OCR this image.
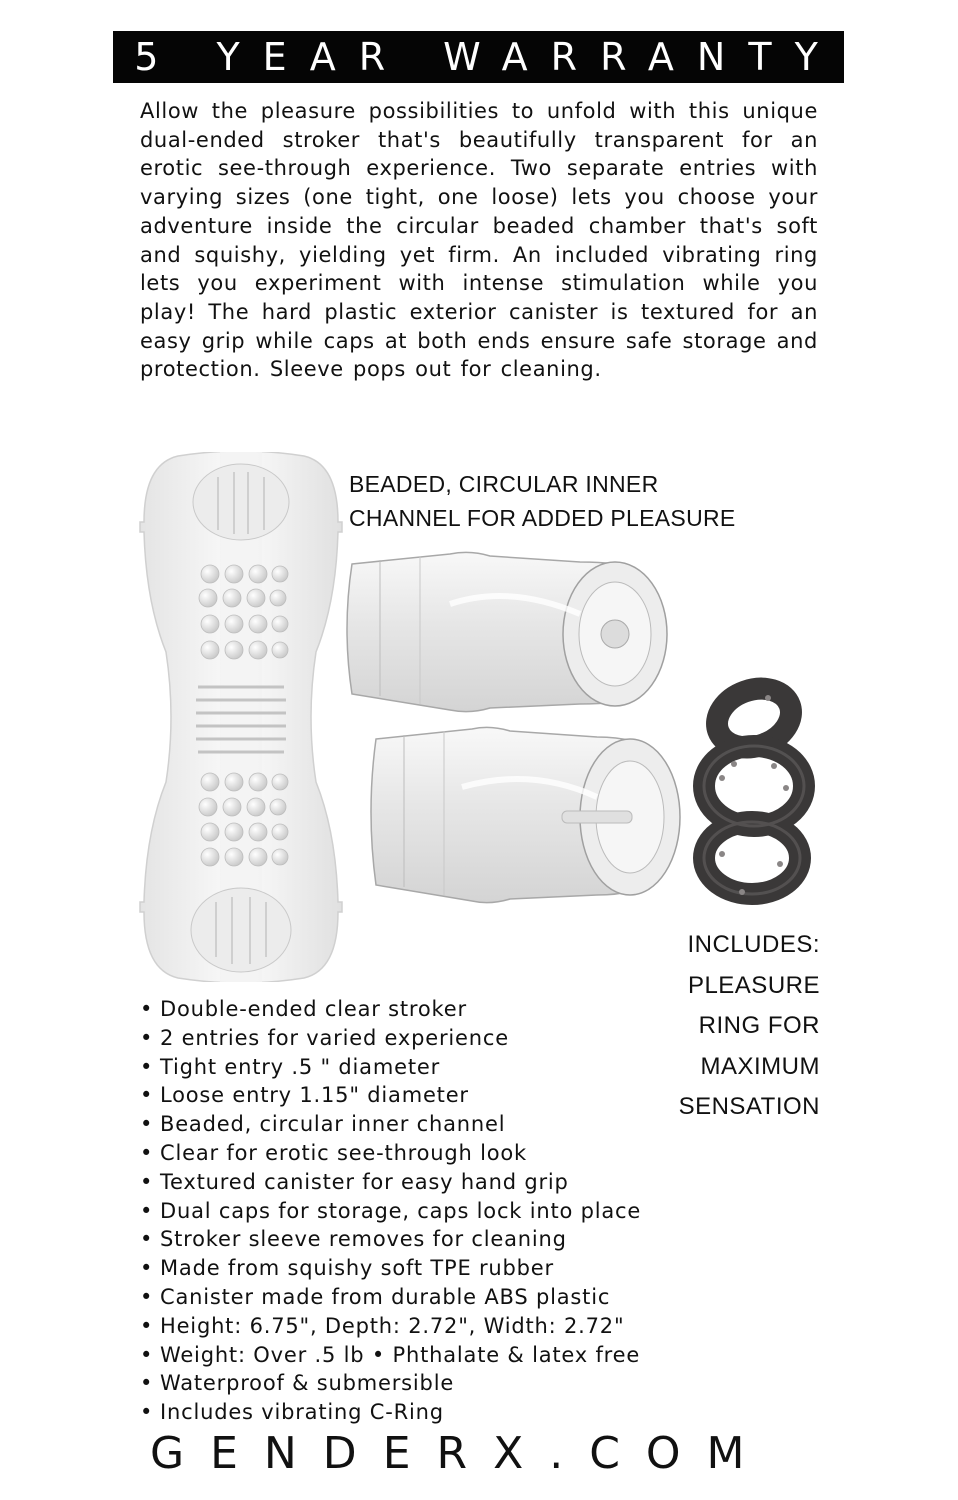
5 YEAR WARRANTY
Allow the pleasure possibilities to unfold with this unique dual-ended stroker that's beautifully transparent for an erotic see-through experience. Two separate entries with varying sizes (one tight, one loose) lets you choose your adventure inside the circular beaded chamber that's soft and squishy, yielding yet firm. An included vibrating ring lets you experiment with intense stimulation while you play! The hard plastic exterior canister is textured for an easy grip while caps at both ends ensure safe storage and protection. Sleeve pops out for cleaning.
BEADED, CIRCULAR INNER
CHANNEL FOR ADDED PLEASURE
INCLUDES:
PLEASURE
RING FOR
MAXIMUM
SENSATION
• Double-ended clear stroker
• 2 entries for varied experience
• Tight entry .5 " diameter
• Loose entry 1.15" diameter
• Beaded, circular inner channel
• Clear for erotic see-through look
• Textured canister for easy hand grip
• Dual caps for storage, caps lock into place
• Stroker sleeve removes for cleaning
• Made from squishy soft TPE rubber
• Canister made from durable ABS plastic
• Height: 6.75", Depth: 2.72", Width: 2.72"
• Weight: Over .5 lb • Phthalate & latex free
• Waterproof & submersible
• Includes vibrating C-Ring
GENDERX.COM
